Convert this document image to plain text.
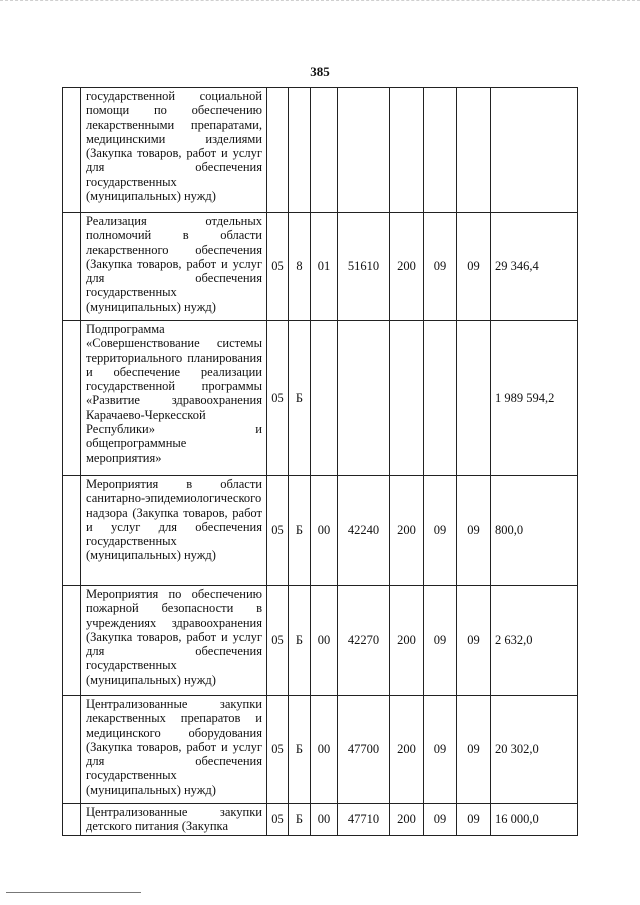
385
	государственной социальной помощи по обеспечению лекарственными препаратами, медицинскими изделиями (Закупка товаров, работ и услуг для обеспечения государственных (муниципальных) нужд)								
	Реализация отдельных полномочий в области лекарственного обеспечения (Закупка товаров, работ и услуг для обеспечения государственных (муниципальных) нужд)	05	8	01	51610	200	09	09	29 346,4
	Подпрограмма «Совершенствование системы территориального планирования и обеспечение реализации государственной программы «Развитие здравоохранения Карачаево-Черкесской Республики» и общепрограммные мероприятия»	05	Б						1 989 594,2
	Мероприятия в области санитарно-эпидемиологического надзора (Закупка товаров, работ и услуг для обеспечения государственных (муниципальных) нужд)	05	Б	00	42240	200	09	09	800,0
	Мероприятия по обеспечению пожарной безопасности в учреждениях здравоохранения (Закупка товаров, работ и услуг для обеспечения государственных (муниципальных) нужд)	05	Б	00	42270	200	09	09	2 632,0
	Централизованные закупки лекарственных препаратов и медицинского оборудования (Закупка товаров, работ и услуг для обеспечения государственных (муниципальных) нужд)	05	Б	00	47700	200	09	09	20 302,0
	Централизованные закупки детского питания (Закупка	05	Б	00	47710	200	09	09	16 000,0
